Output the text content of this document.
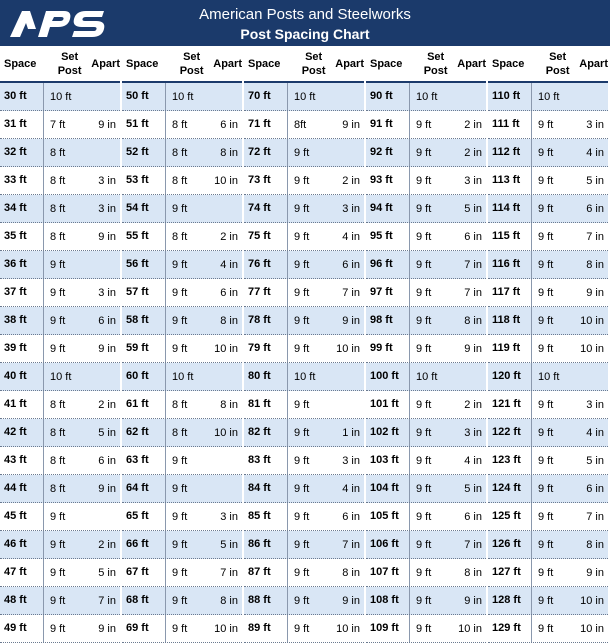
American Posts and Steelworks
Post Spacing Chart
Space
Set Post

Apart
30 ft	10 ft
31 ft	7 ft	9 in
32 ft	8 ft
33 ft	8 ft	3 in
34 ft	8 ft	3 in
35 ft	8 ft	9 in
36 ft	9 ft
37 ft	9 ft	3 in
38 ft	9 ft	6 in
39 ft	9 ft	9 in
40 ft	10 ft
41 ft	8 ft	2 in
42 ft	8 ft	5 in
43 ft	8 ft	6 in
44 ft	8 ft	9 in
45 ft	9 ft
46 ft	9 ft	2 in
47 ft	9 ft	5 in
48 ft	9 ft	7 in
49 ft	9 ft	9 in
Space
Set Post

Apart
50 ft	10 ft
51 ft	8 ft	6 in
52 ft	8 ft	8 in
53 ft	8 ft	10 in
54 ft	9 ft
55 ft	8 ft	2 in
56 ft	9 ft	4 in
57 ft	9 ft	6 in
58 ft	9 ft	8 in
59 ft	9 ft	10 in
60 ft	10 ft
61 ft	8 ft	8 in
62 ft	8 ft	10 in
63 ft	9 ft
64 ft	9 ft
65 ft	9 ft	3 in
66 ft	9 ft	5 in
67 ft	9 ft	7 in
68 ft	9 ft	8 in
69 ft	9 ft	10 in
Space
Set Post

Apart
70 ft	10 ft
71 ft	8ft	9 in
72 ft	9 ft
73 ft	9 ft	2 in
74 ft	9 ft	3 in
75 ft	9 ft	4 in
76 ft	9 ft	6 in
77 ft	9 ft	7 in
78 ft	9 ft	9 in
79 ft	9 ft	10 in
80 ft	10 ft
81 ft	9 ft
82 ft	9 ft	1 in
83 ft	9 ft	3 in
84 ft	9 ft	4 in
85 ft	9 ft	6 in
86 ft	9 ft	7 in
87 ft	9 ft	8 in
88 ft	9 ft	9 in
89 ft	9 ft	10 in
Space
Set Post

Apart
90 ft	10 ft
91 ft	9 ft	2 in
92 ft	9 ft	2 in
93 ft	9 ft	3 in
94 ft	9 ft	5 in
95 ft	9 ft	6 in
96 ft	9 ft	7 in
97 ft	9 ft	7 in
98 ft	9 ft	8 in
99 ft	9 ft	9 in
100 ft	10 ft
101 ft	9 ft	2 in
102 ft	9 ft	3 in
103 ft	9 ft	4 in
104 ft	9 ft	5 in
105 ft	9 ft	6 in
106 ft	9 ft	7 in
107 ft	9 ft	8 in
108 ft	9 ft	9 in
109 ft	9 ft	10 in
Space
Set Post

Apart
110 ft	10 ft
111 ft	9 ft	3 in
112 ft	9 ft	4 in
113 ft	9 ft	5 in
114 ft	9 ft	6 in
115 ft	9 ft	7 in
116 ft	9 ft	8 in
117 ft	9 ft	9 in
118 ft	9 ft	10 in
119 ft	9 ft	10 in
120 ft	10 ft
121 ft	9 ft	3 in
122 ft	9 ft	4 in
123 ft	9 ft	5 in
124 ft	9 ft	6 in
125 ft	9 ft	7 in
126 ft	9 ft	8 in
127 ft	9 ft	9 in
128 ft	9 ft	10 in
129 ft	9 ft	10 in
